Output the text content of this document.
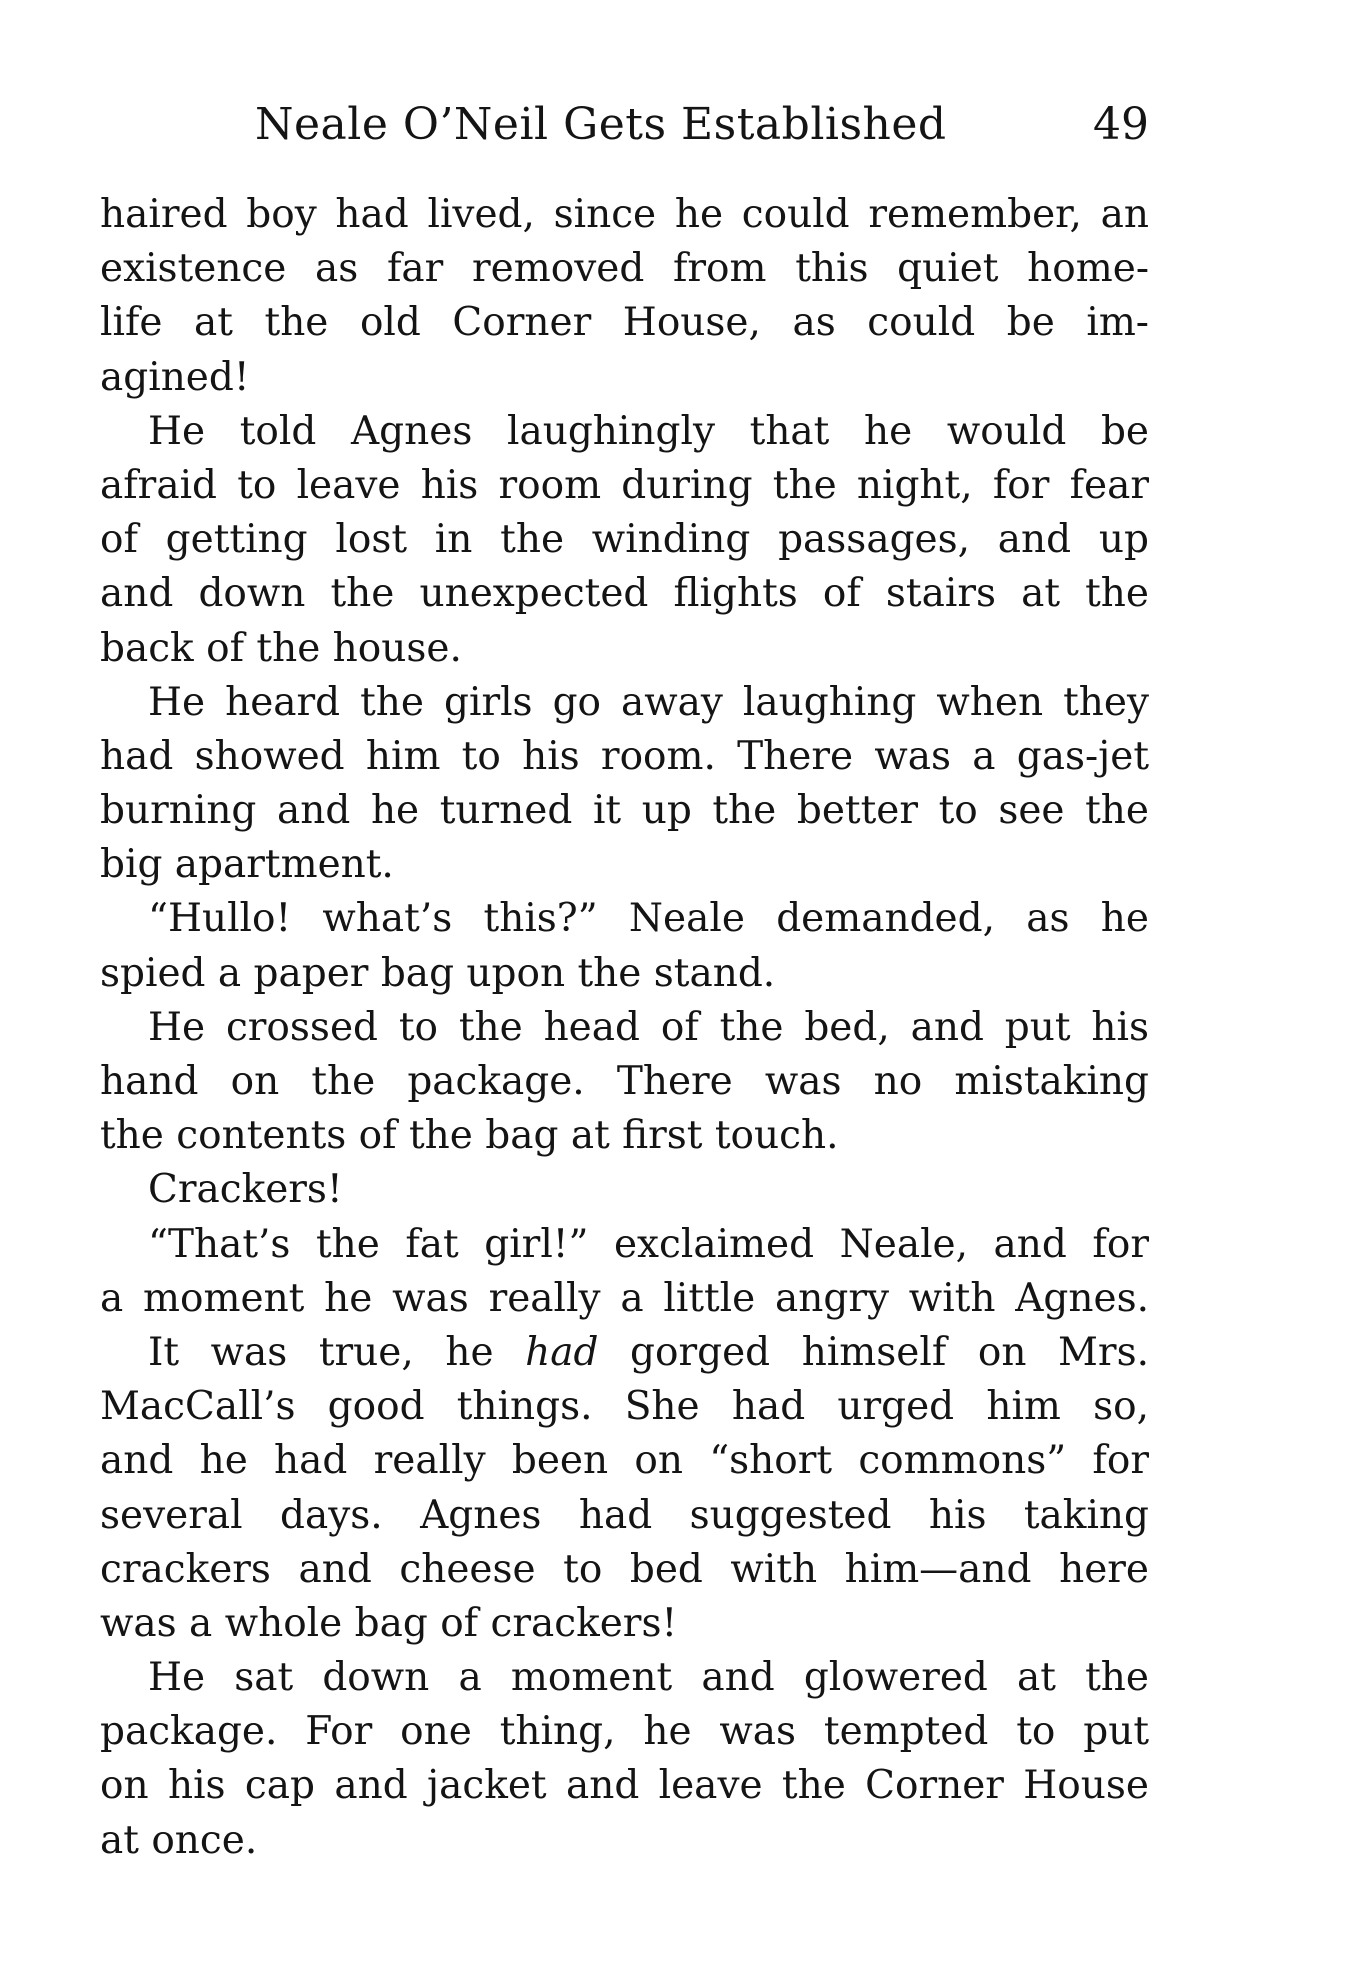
Neale O’Neil Gets Established	49
haired boy had lived, since he could remember, an
existence as far removed from this quiet home-
life at the old Corner House, as could be im-
agined!
He told Agnes laughingly that he would be
afraid to leave his room during the night, for fear
of getting lost in the winding passages, and up
and down the unexpected flights of stairs at the
back of the house.
He heard the girls go away laughing when they
had showed him to his room. There was a gas-jet
burning and he turned it up the better to see the
big apartment.
“Hullo! what’s this?” Neale demanded, as he
spied a paper bag upon the stand.
He crossed to the head of the bed, and put his
hand on the package. There was no mistaking
the contents of the bag at first touch.
Crackers!
“That’s the fat girl!” exclaimed Neale, and for
a moment he was really a little angry with Agnes.
It was true, he had gorged himself on Mrs.
MacCall’s good things. She had urged him so,
and he had really been on “short commons” for
several days. Agnes had suggested his taking
crackers and cheese to bed with him—and here
was a whole bag of crackers!
He sat down a moment and glowered at the
package. For one thing, he was tempted to put
on his cap and jacket and leave the Corner House
at once.
